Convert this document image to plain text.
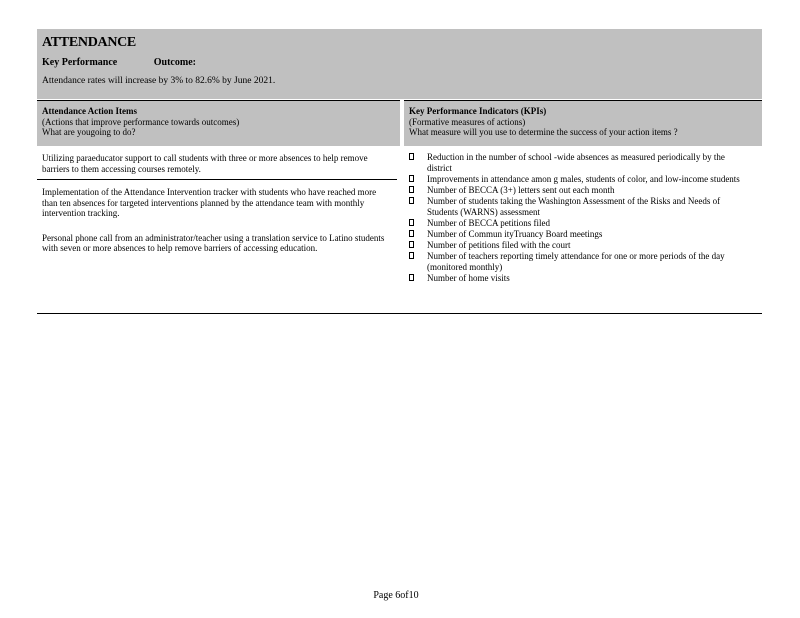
ATTENDANCE
Key Performance	Outcome:
Attendance rates will increase by 3% to 82.6% by June 2021.
Attendance Action Items
(Actions that improve performance towards outcomes)
What are yougoing to do?
Key Performance Indicators (KPIs)
(Formative measures of actions)
What measure will you use to determine the success of your action items ?
Utilizing paraeducator support to call students with three or more absences to help remove barriers to them accessing courses remotely.
Implementation of the Attendance Intervention tracker with students who have reached more than ten absences for targeted interventions planned by the attendance team with monthly intervention tracking.
Personal phone call from an administrator/teacher using a translation service to Latino students with seven or more absences to help remove barriers of accessing education.
Reduction in the number of school -wide absences as measured periodically by the district
Improvements in attendance amon g males, students of color, and low-income students
Number of BECCA (3+) letters sent out each month
Number of students taking the Washington Assessment of the Risks and Needs of Students (WARNS) assessment
Number of BECCA petitions filed
Number of Commun ityTruancy Board meetings
Number of petitions filed with the court
Number of teachers reporting timely attendance for one or more periods of the day (monitored monthly)
Number of home visits
Page 6of10
